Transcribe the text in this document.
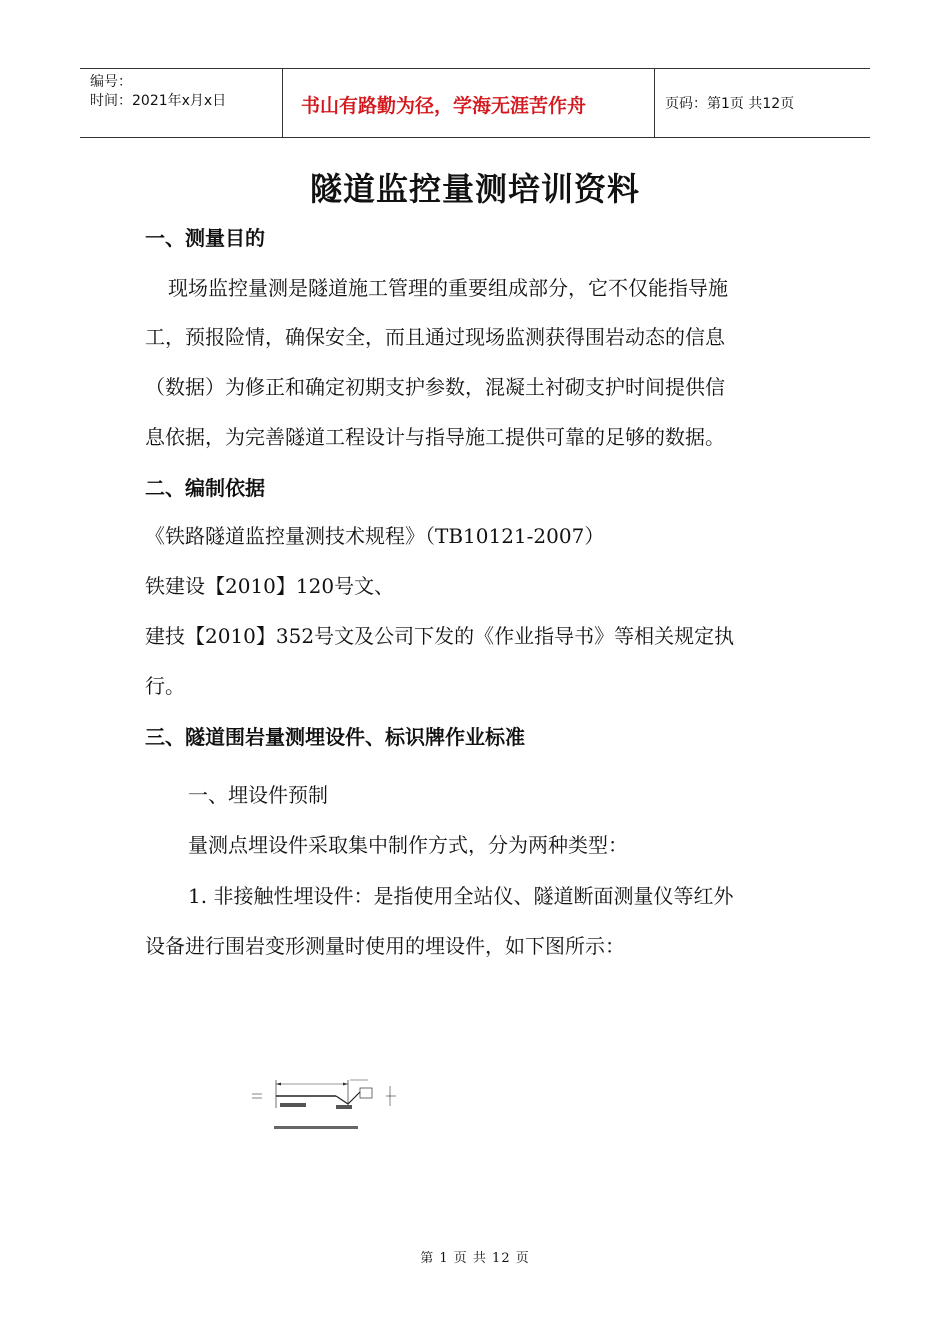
编号：
时间：2021年x月x日	书山有路勤为径，学海无涯苦作舟	页码：第1页 共12页
隧道监控量测培训资料
一、测量目的
现场监控量测是隧道施工管理的重要组成部分，它不仅能指导施
工，预报险情，确保安全，而且通过现场监测获得围岩动态的信息
（数据）为修正和确定初期支护参数，混凝土衬砌支护时间提供信
息依据，为完善隧道工程设计与指导施工提供可靠的足够的数据。
二、编制依据
《铁路隧道监控量测技术规程》（TB10121-2007）
铁建设【2010】120号文、
建技【2010】352号文及公司下发的《作业指导书》等相关规定执
行。
三、隧道围岩量测埋设件、标识牌作业标准
一、埋设件预制
量测点埋设件采取集中制作方式，分为两种类型：
1. 非接触性埋设件：是指使用全站仪、隧道断面测量仪等红外
设备进行围岩变形测量时使用的埋设件，如下图所示：
第 1 页 共 12 页
